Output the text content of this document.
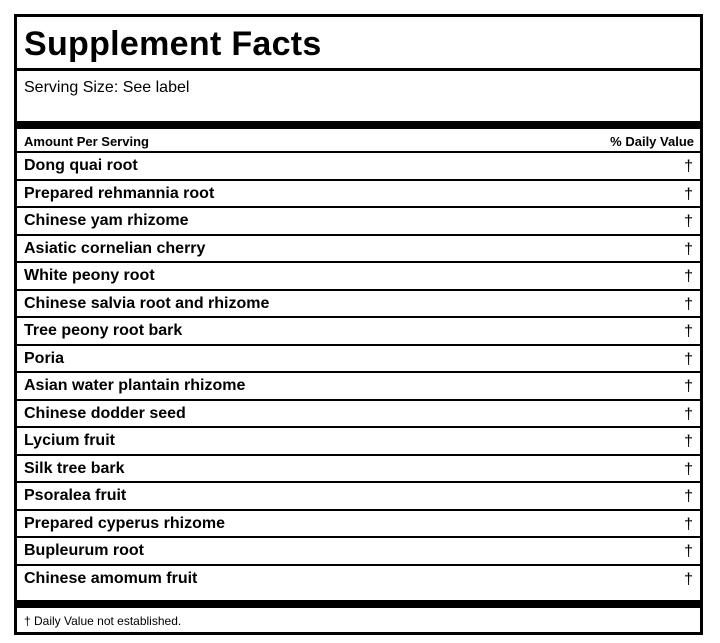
Supplement Facts
Serving Size: See label
Amount Per Serving	% Daily Value
Dong quai root	†
Prepared rehmannia root	†
Chinese yam rhizome	†
Asiatic cornelian cherry	†
White peony root	†
Chinese salvia root and rhizome	†
Tree peony root bark	†
Poria	†
Asian water plantain rhizome	†
Chinese dodder seed	†
Lycium fruit	†
Silk tree bark	†
Psoralea fruit	†
Prepared cyperus rhizome	†
Bupleurum root	†
Chinese amomum fruit	†
† Daily Value not established.
